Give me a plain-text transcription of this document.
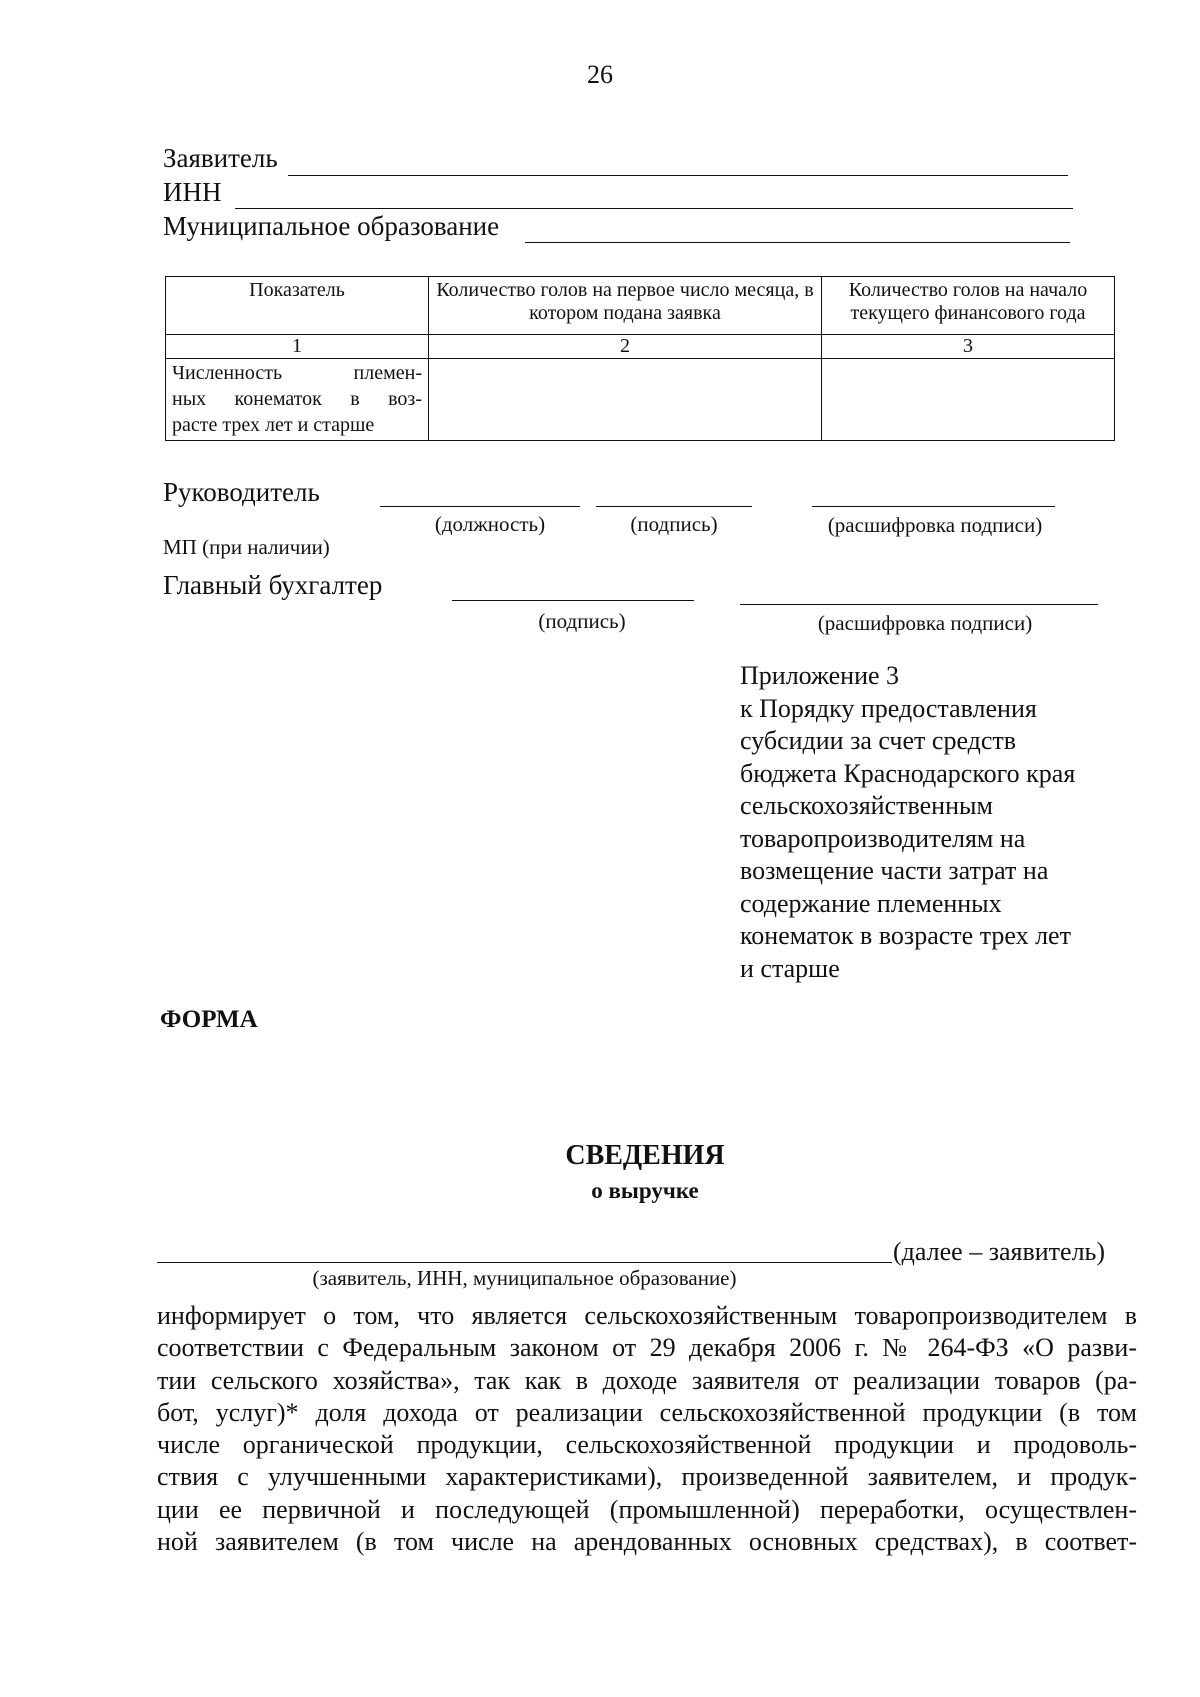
26
Заявитель
ИНН
Муниципальное образование
Показатель	Количество голов на первое число месяца, в котором подана заявка	Количество голов на начало текущего финансового года
1	2	3

Численность племен-
ных конематок в воз-
расте трех лет и старше		

Руководитель
(должность)	(подпись)	(расшифровка подписи)
МП (при наличии)
Главный бухгалтер
(подпись)	(расшифровка подписи)
Приложение 3
к Порядку предоставления
субсидии за счет средств
бюджета Краснодарского края
сельскохозяйственным
товаропроизводителям на
возмещение части затрат на
содержание племенных
конематок в возрасте трех лет
и старше
ФОРМА
СВЕДЕНИЯ
о выручке
(далее – заявитель)
(заявитель, ИНН, муниципальное образование)
информирует о том, что является сельскохозяйственным товаропроизводителем в
соответствии с Федеральным законом от 29 декабря 2006 г. № 264-ФЗ «О разви-
тии сельского хозяйства», так как в доходе заявителя от реализации товаров (ра-
бот, услуг)* доля дохода от реализации сельскохозяйственной продукции (в том
числе органической продукции, сельскохозяйственной продукции и продоволь-
ствия с улучшенными характеристиками), произведенной заявителем, и продук-
ции ее первичной и последующей (промышленной) переработки, осуществлен-
ной заявителем (в том числе на арендованных основных средствах), в соответ-
